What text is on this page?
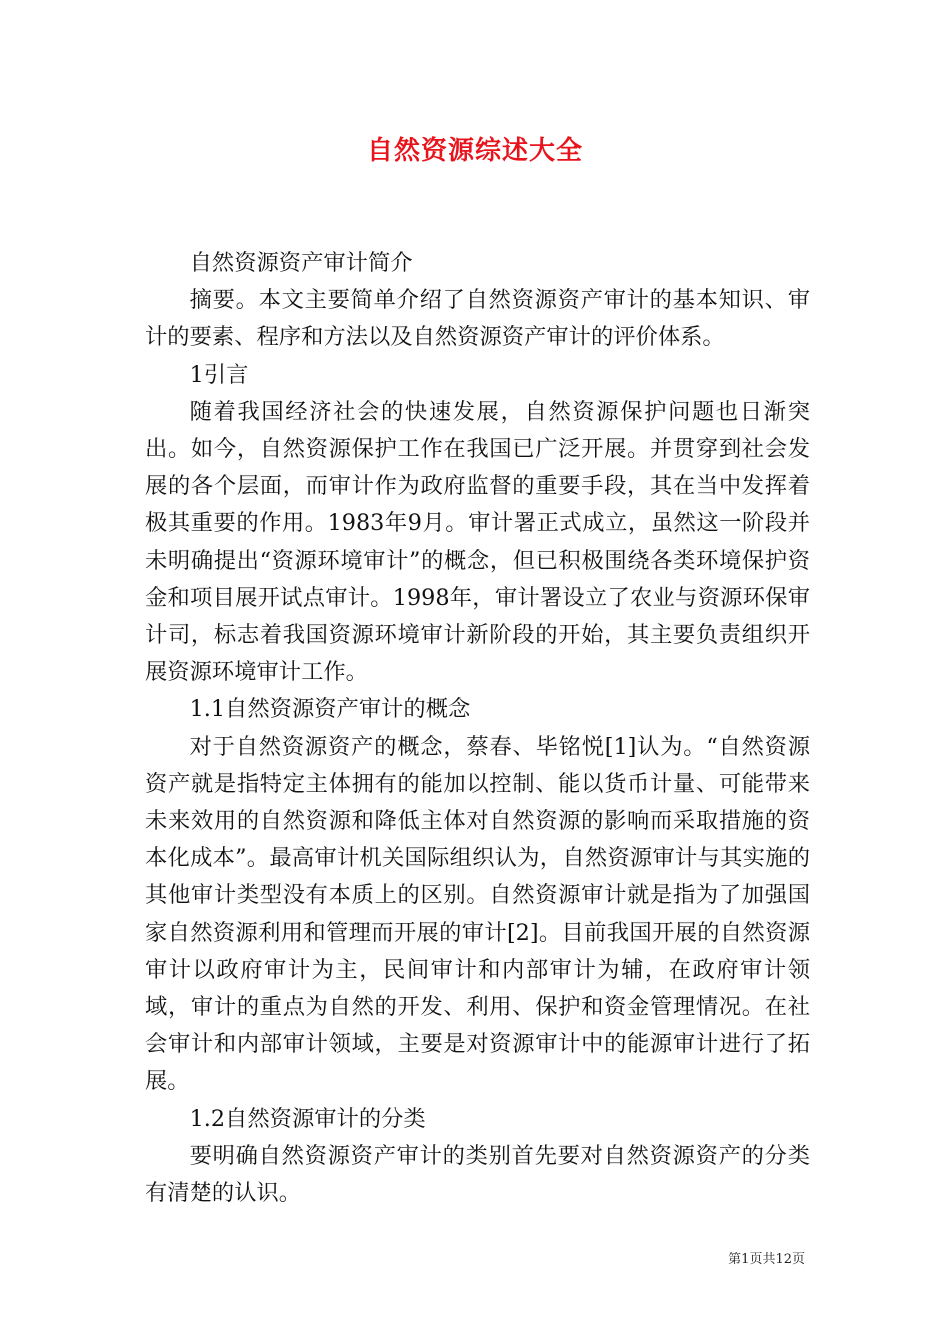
自然资源综述大全

自然资源资产审计简介

摘要。本文主要简单介绍了自然资源资产审计的基本知识、审计的要素、程序和方法以及自然资源资产审计的评价体系。

1引言

随着我国经济社会的快速发展，自然资源保护问题也日渐突出。如今，自然资源保护工作在我国已广泛开展。并贯穿到社会发展的各个层面，而审计作为政府监督的重要手段，其在当中发挥着极其重要的作用。1983年9月。审计署正式成立，虽然这一阶段并未明确提出“资源环境审计”的概念，但已积极围绕各类环境保护资金和项目展开试点审计。1998年，审计署设立了农业与资源环保审计司，标志着我国资源环境审计新阶段的开始，其主要负责组织开展资源环境审计工作。

1.1自然资源资产审计的概念

对于自然资源资产的概念，蔡春、毕铭悦[1]认为。“自然资源资产就是指特定主体拥有的能加以控制、能以货币计量、可能带来未来效用的自然资源和降低主体对自然资源的影响而采取措施的资本化成本”。最高审计机关国际组织认为，自然资源审计与其实施的其他审计类型没有本质上的区别。自然资源审计就是指为了加强国家自然资源利用和管理而开展的审计[2]。目前我国开展的自然资源审计以政府审计为主，民间审计和内部审计为辅，在政府审计领域，审计的重点为自然的开发、利用、保护和资金管理情况。在社会审计和内部审计领域，主要是对资源审计中的能源审计进行了拓展。

1.2自然资源审计的分类

要明确自然资源资产审计的类别首先要对自然资源资产的分类有清楚的认识。

第1页共12页
